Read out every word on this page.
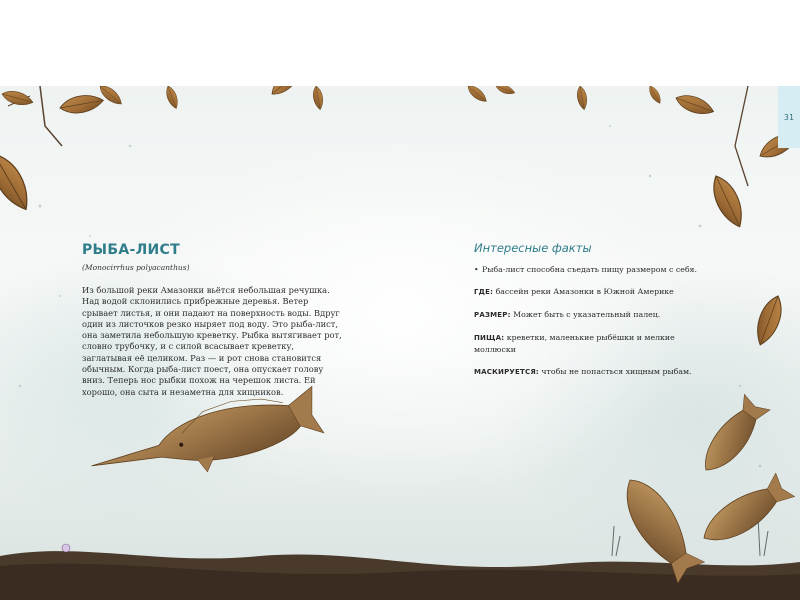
31
РЫБА-ЛИСТ
(Monocirrhus polyacanthus)
Из большой реки Амазонки вьётся небольшая речушка. Над водой склонились прибрежные деревья. Ветер срывает листья, и они падают на поверхность воды. Вдруг один из листочков резко ныряет под воду. Это рыба-лист, она заметила небольшую креветку. Рыбка вытягивает рот, словно трубочку, и с силой всасывает креветку, заглатывая её целиком. Раз — и рот снова становится обычным. Когда рыба-лист поест, она опускает голову вниз. Теперь нос рыбки похож на черешок листа. Ей хорошо, она сыта и незаметна для хищников.
Интересные факты
• Рыба-лист способна съедать пищу размером с себя.
ГДЕ: бассейн реки Амазонки в Южной Америке
РАЗМЕР: Может быть с указательный палец.
ПИЩА: креветки, маленькие рыбёшки и мелкие моллюски
МАСКИРУЕТСЯ: чтобы не попасться хищным рыбам.
